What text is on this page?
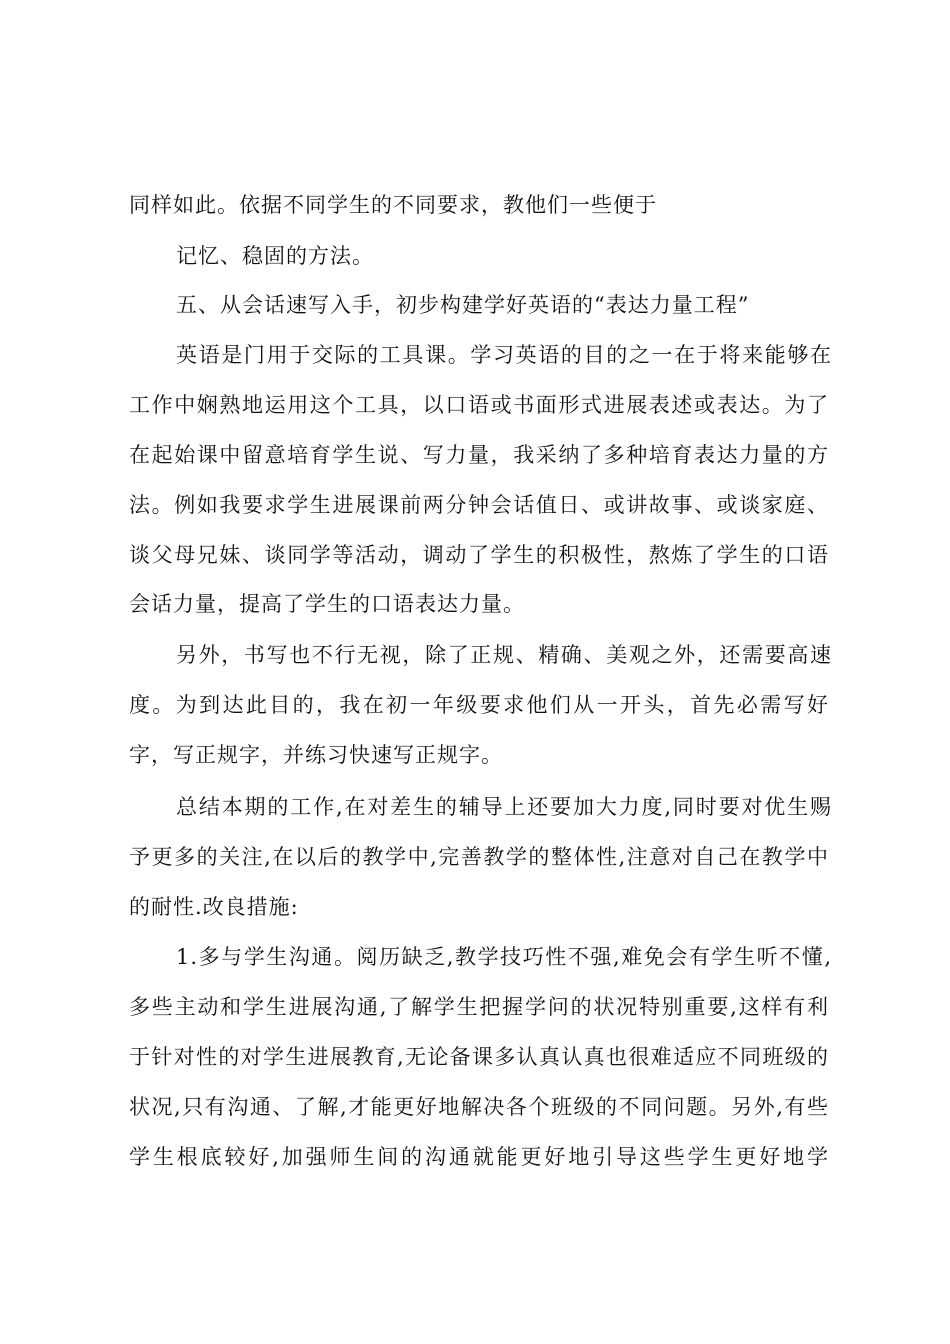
同样如此。依据不同学生的不同要求，教他们一些便于
记忆、稳固的方法。
五、从会话速写入手，初步构建学好英语的“表达力量工程”
英语是门用于交际的工具课。学习英语的目的之一在于将来能够在
工作中娴熟地运用这个工具，以口语或书面形式进展表述或表达。为了
在起始课中留意培育学生说、写力量，我采纳了多种培育表达力量的方
法。例如我要求学生进展课前两分钟会话值日、或讲故事、或谈家庭、
谈父母兄妹、谈同学等活动，调动了学生的积极性，熬炼了学生的口语
会话力量，提高了学生的口语表达力量。
另外，书写也不行无视，除了正规、精确、美观之外，还需要高速
度。为到达此目的，我在初一年级要求他们从一开头，首先必需写好
字，写正规字，并练习快速写正规字。
总结本期的工作,在对差生的辅导上还要加大力度,同时要对优生赐
予更多的关注,在以后的教学中,完善教学的整体性,注意对自己在教学中
的耐性.改良措施:
1.多与学生沟通。阅历缺乏,教学技巧性不强,难免会有学生听不懂,
多些主动和学生进展沟通,了解学生把握学问的状况特别重要,这样有利
于针对性的对学生进展教育,无论备课多认真认真也很难适应不同班级的
状况,只有沟通、了解,才能更好地解决各个班级的不同问题。另外,有些
学生根底较好,加强师生间的沟通就能更好地引导这些学生更好地学
